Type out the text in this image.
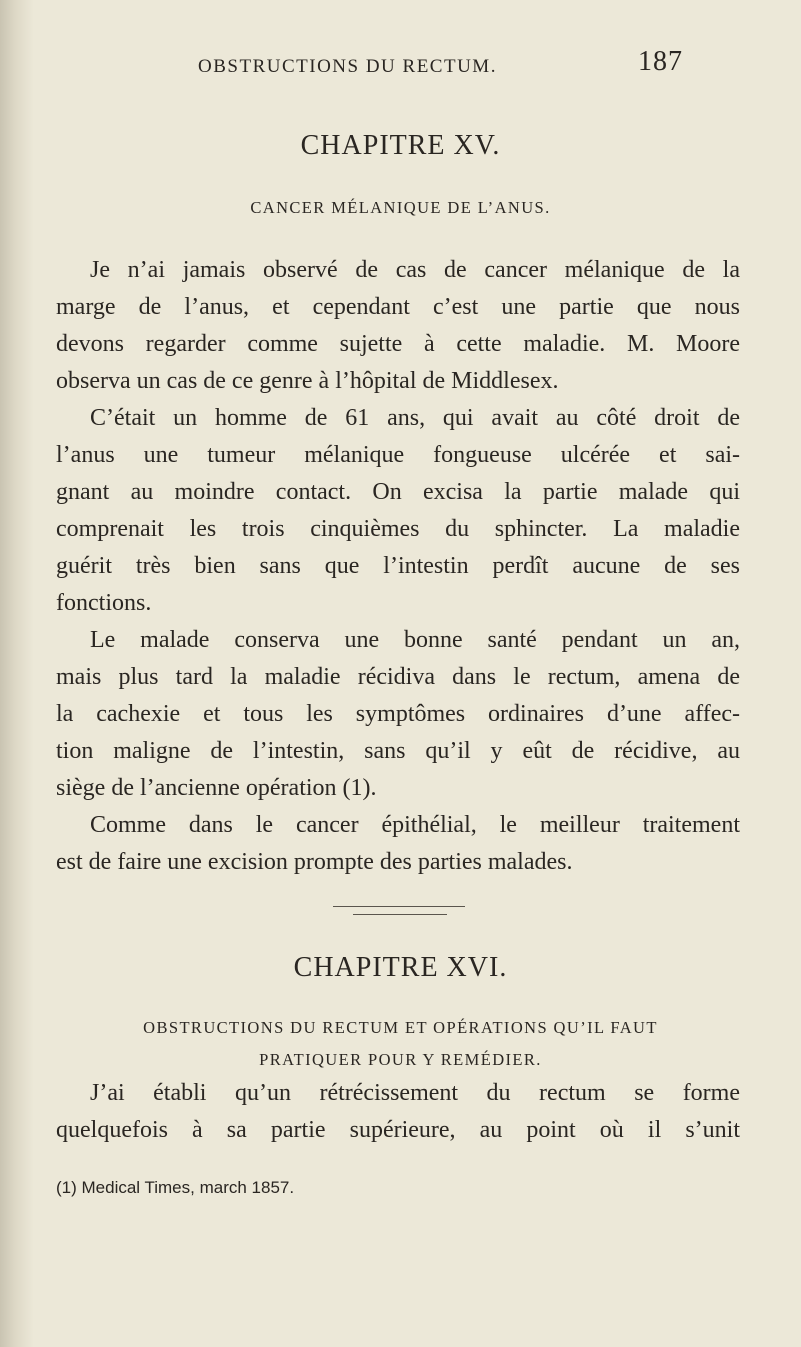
OBSTRUCTIONS DU RECTUM.	187
CHAPITRE XV.
CANCER MÉLANIQUE DE L’ANUS.
Je n’ai jamais observé de cas de cancer mélanique de la
marge de l’anus, et cependant c’est une partie que nous
devons regarder comme sujette à cette maladie. M. Moore
observa un cas de ce genre à l’hôpital de Middlesex.
C’était un homme de 61 ans, qui avait au côté droit de
l’anus une tumeur mélanique fongueuse ulcérée et sai-
gnant au moindre contact. On excisa la partie malade qui
comprenait les trois cinquièmes du sphincter. La maladie
guérit très bien sans que l’intestin perdît aucune de ses
fonctions.
Le malade conserva une bonne santé pendant un an,
mais plus tard la maladie récidiva dans le rectum, amena de
la cachexie et tous les symptômes ordinaires d’une affec-
tion maligne de l’intestin, sans qu’il y eût de récidive, au
siège de l’ancienne opération (1).
Comme dans le cancer épithélial, le meilleur traitement
est de faire une excision prompte des parties malades.
CHAPITRE XVI.
OBSTRUCTIONS DU RECTUM ET OPÉRATIONS QU’IL FAUT
PRATIQUER POUR Y REMÉDIER.
J’ai établi qu’un rétrécissement du rectum se forme
quelquefois à sa partie supérieure, au point où il s’unit
(1) Medical Times, march 1857.
